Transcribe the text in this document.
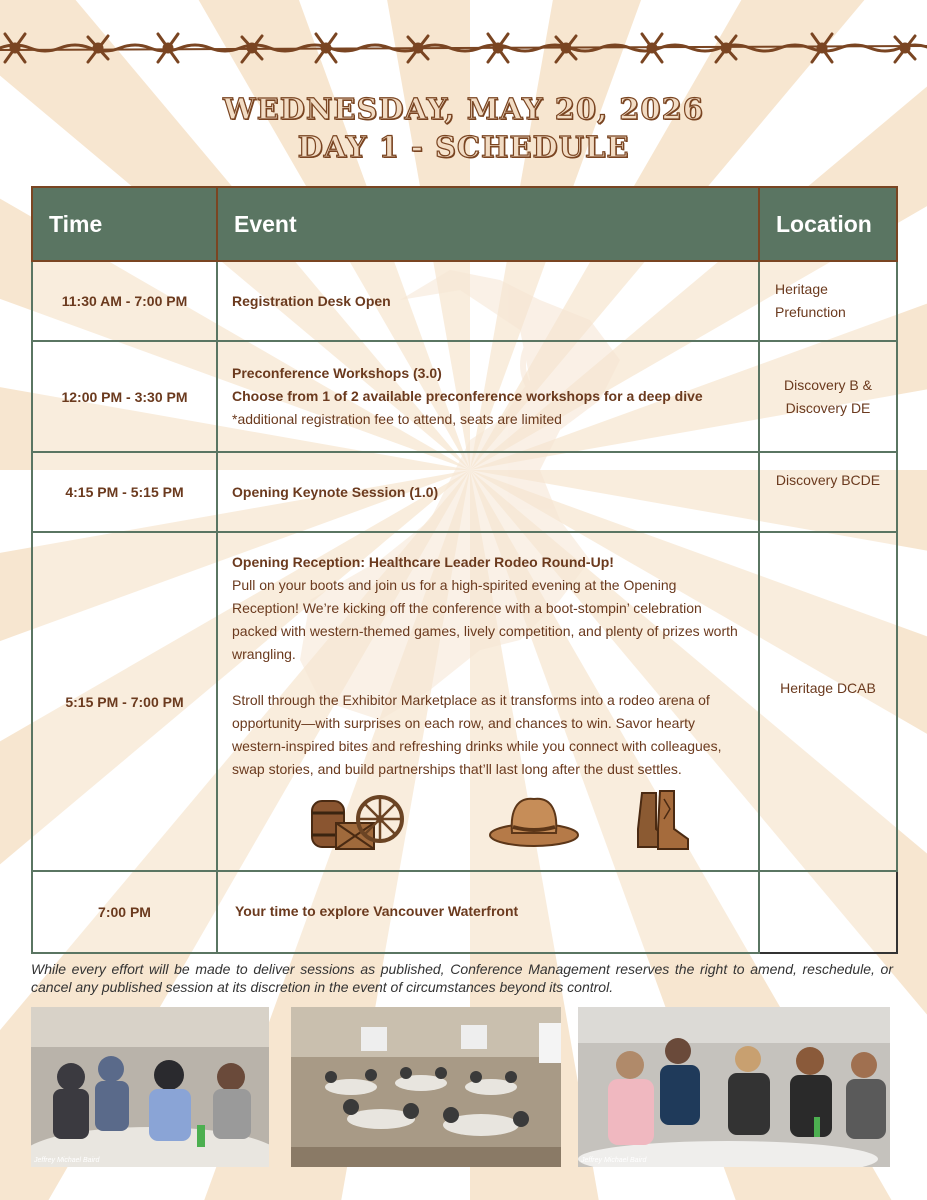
WEDNESDAY, MAY 20, 2026
DAY 1 - SCHEDULE
Time	Event	Location
11:30 AM - 7:00 PM	Registration Desk Open	Heritage Prefunction
12:00 PM - 3:30 PM	Preconference Workshops (3.0)
Choose from 1 of 2 available preconference workshops for a deep dive
*additional registration fee to attend, seats are limited	Discovery B & Discovery DE
4:15 PM - 5:15 PM	Opening Keynote Session (1.0)	Discovery BCDE
5:15 PM - 7:00 PM	Opening Reception: Healthcare Leader Rodeo Round-Up!
Pull on your boots and join us for a high-spirited evening at the Opening Reception! We’re kicking off the conference with a boot-stompin’ celebration packed with western-themed games, lively competition, and plenty of prizes worth wrangling.
Stroll through the Exhibitor Marketplace as it transforms into a rodeo arena of opportunity—with surprises on each row, and chances to win. Savor hearty western-inspired bites and refreshing drinks while you connect with colleagues, swap stories, and build partnerships that’ll last long after the dust settles.	Heritage DCAB
7:00 PM	Your time to explore Vancouver Waterfront	

While every effort will be made to deliver sessions as published, Conference Management reserves the right to amend, reschedule, or cancel any published session at its discretion in the event of circumstances beyond its control.
Jeffrey Michael Baird	Jeffrey Michael Baird
